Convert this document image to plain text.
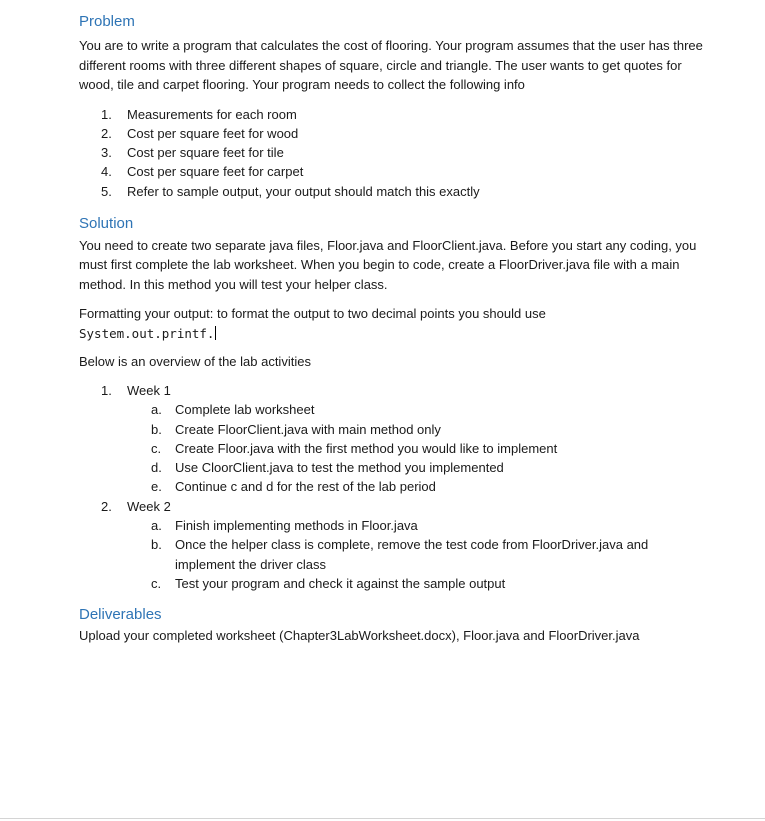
Problem

You are to write a program that calculates the cost of flooring. Your program assumes that the user has three different rooms with three different shapes of square, circle and triangle. The user wants to get quotes for wood, tile and carpet flooring. Your program needs to collect the following info

1. Measurements for each room
2. Cost per square feet for wood
3. Cost per square feet for tile
4. Cost per square feet for carpet
5. Refer to sample output, your output should match this exactly
Solution

You need to create two separate java files, Floor.java and FloorClient.java. Before you start any coding, you must first complete the lab worksheet. When you begin to code, create a FloorDriver.java file with a main method. In this method you will test your helper class.

Formatting your output: to format the output to two decimal points you should use
System.out.printf.

Below is an overview of the lab activities

1. Week 1
a. Complete lab worksheet
b. Create FloorClient.java with main method only
c. Create Floor.java with the first method you would like to implement
d. Use CloorClient.java to test the method you implemented
e. Continue c and d for the rest of the lab period
2. Week 2
a. Finish implementing methods in Floor.java
b. Once the helper class is complete, remove the test code from FloorDriver.java and implement the driver class
c. Test your program and check it against the sample output
Deliverables

Upload your completed worksheet (Chapter3LabWorksheet.docx), Floor.java and FloorDriver.java
